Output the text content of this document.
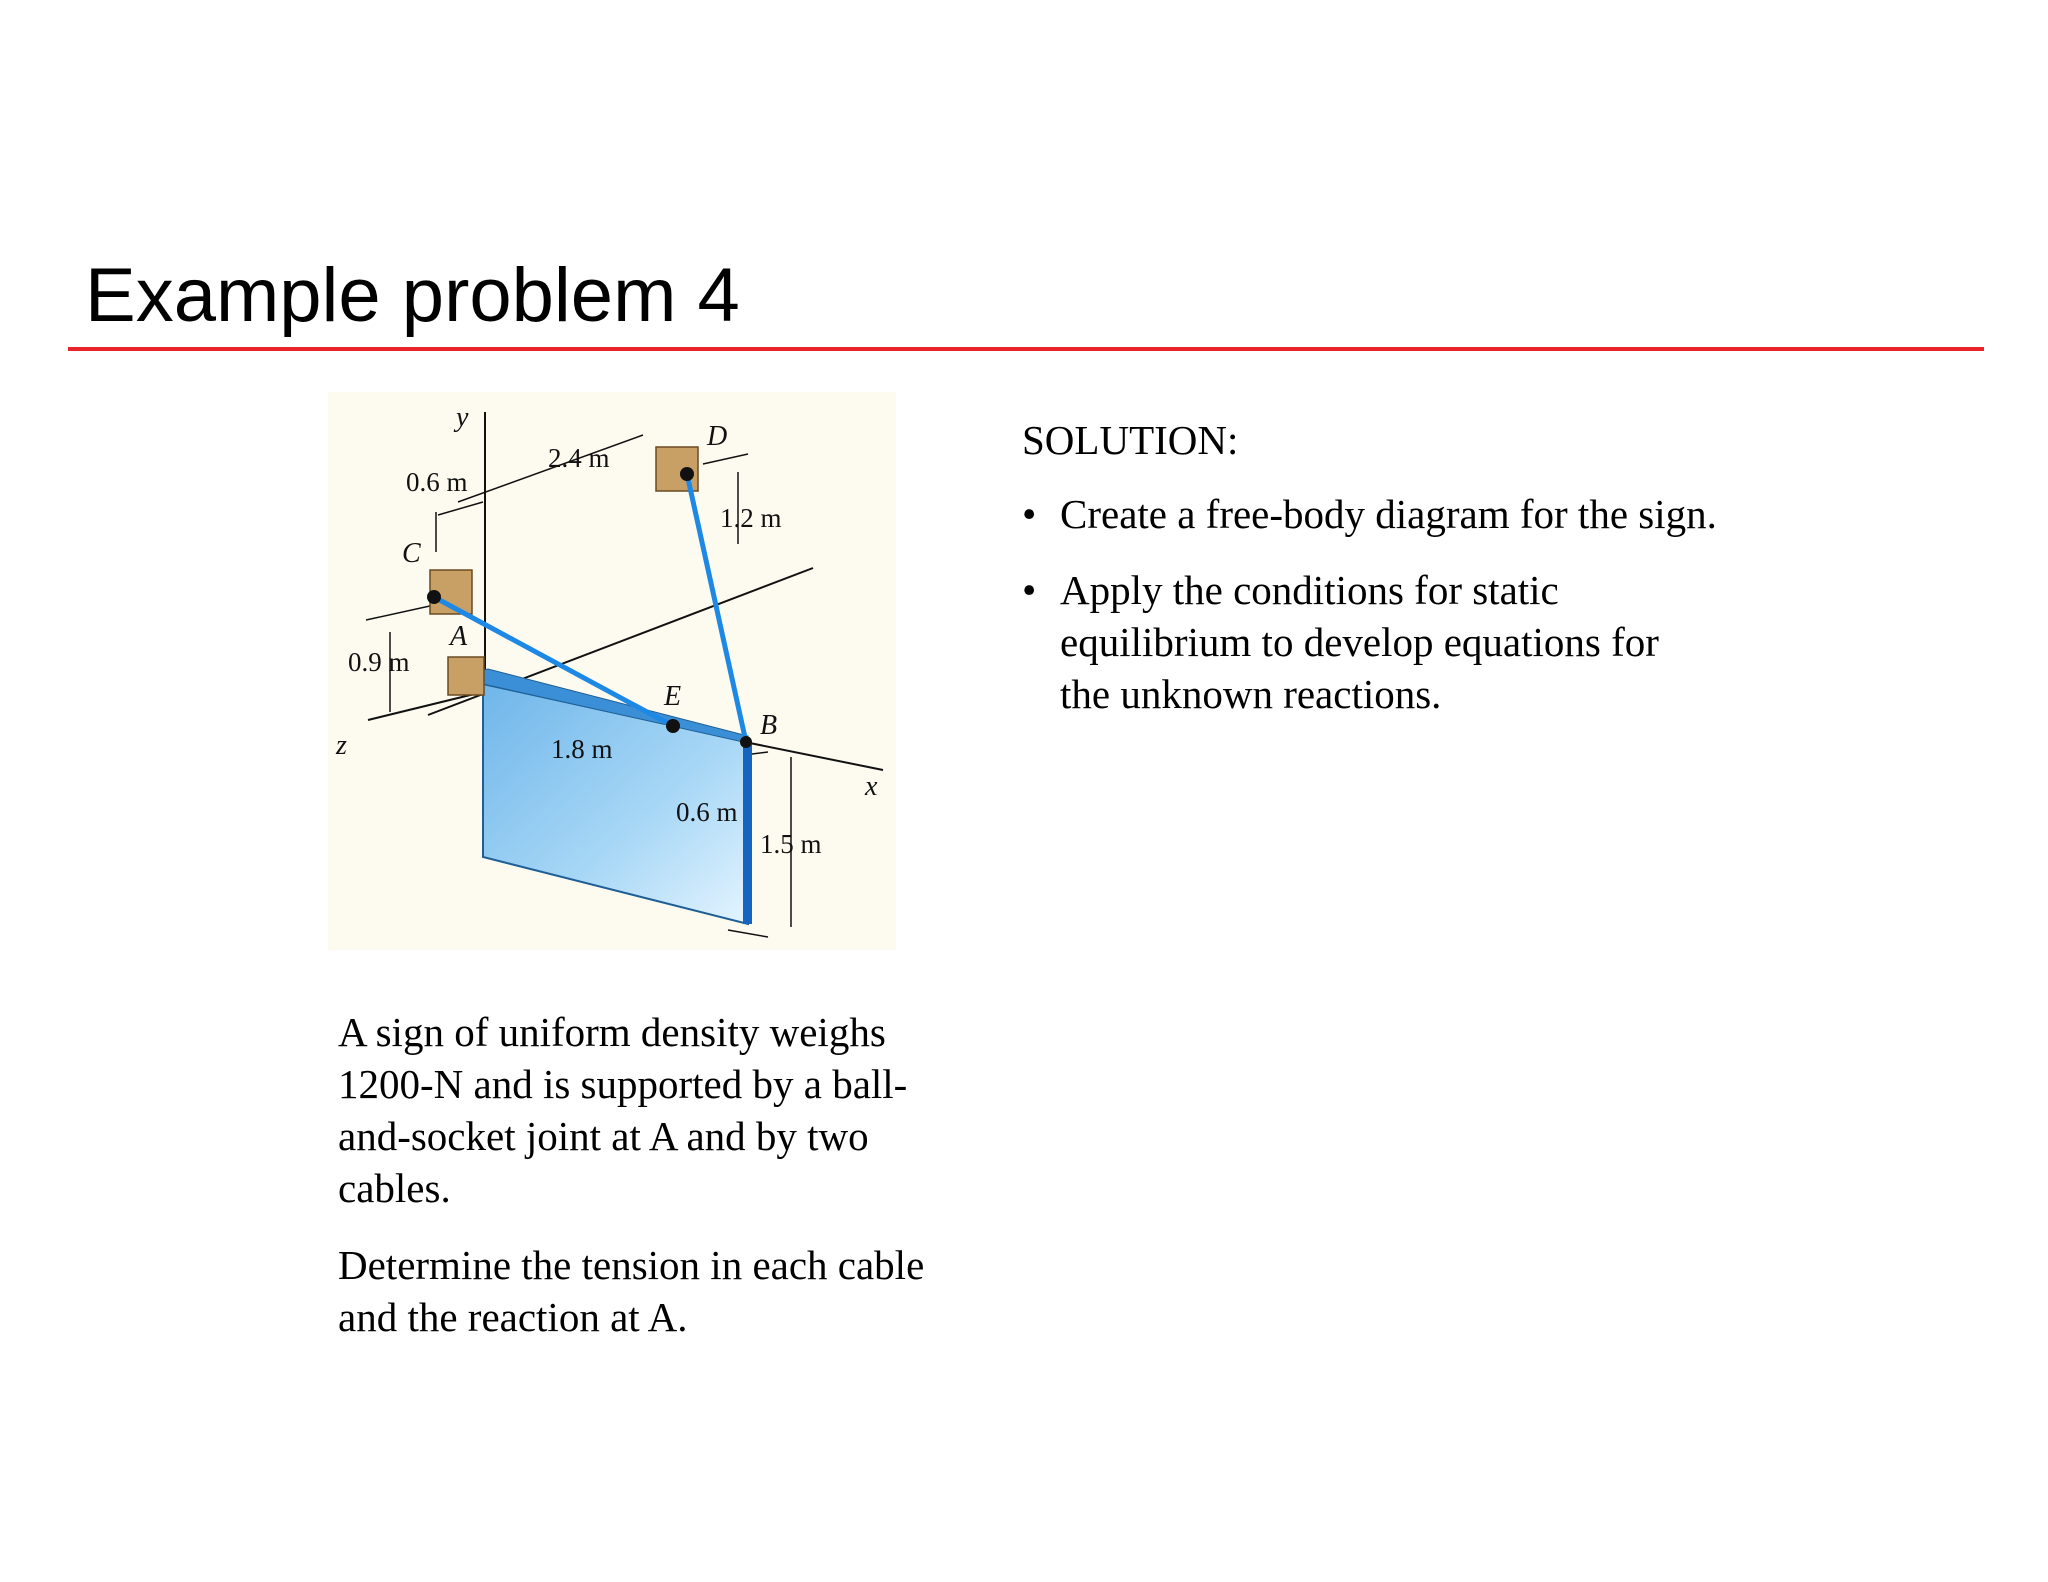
Example problem 4
y
x
z
C
A
D
E
B
0.6 m
2.4 m
1.2 m
0.9 m
1.8 m
0.6 m
1.5 m

A sign of uniform density weighs 1200-N and is supported by a ball-and-socket joint at A and by two cables.

Determine the tension in each cable and the reaction at A.

SOLUTION:
• Create a free-body diagram for the sign.
• Apply the conditions for static equilibrium to develop equations for the unknown reactions.
